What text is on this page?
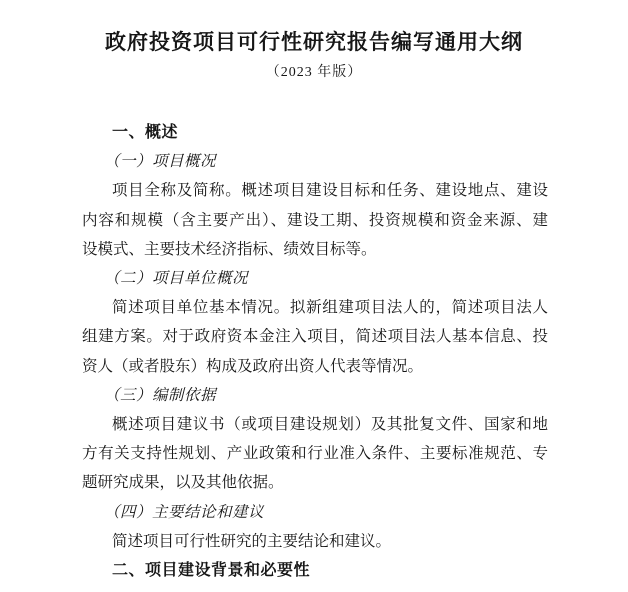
政府投资项目可行性研究报告编写通用大纲
（2023 年版）
一、概述
（一）项目概况
项目全称及简称。概述项目建设目标和任务、建设地点、建设
内容和规模（含主要产出）、建设工期、投资规模和资金来源、建
设模式、主要技术经济指标、绩效目标等。
（二）项目单位概况
简述项目单位基本情况。拟新组建项目法人的，简述项目法人
组建方案。对于政府资本金注入项目，简述项目法人基本信息、投
资人（或者股东）构成及政府出资人代表等情况。
（三）编制依据
概述项目建议书（或项目建设规划）及其批复文件、国家和地
方有关支持性规划、产业政策和行业准入条件、主要标准规范、专
题研究成果，以及其他依据。
（四）主要结论和建议
简述项目可行性研究的主要结论和建议。
二、项目建设背景和必要性
